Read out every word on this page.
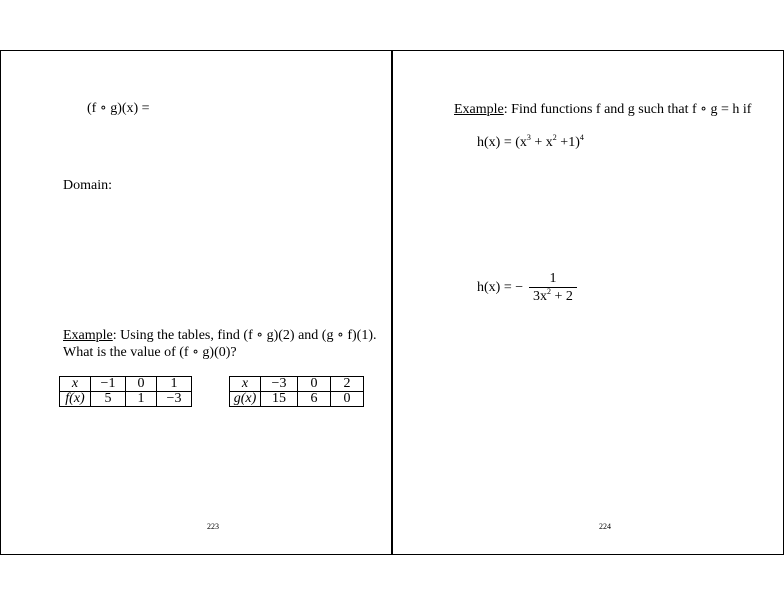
(f ∘ g)(x) =
Domain:
Example: Using the tables, find (f ∘ g)(2) and (g ∘ f)(1).
What is the value of (f ∘ g)(0)?
x	−1	0	1
f(x)	5	1	−3
x	−3	0	2
g(x)	15	6	0
223
Example: Find functions f and g such that f ∘ g = h if
$h(x) = (x^3 + x^2 +1)^4$
h(x) = − $\frac{1}{3x^2 + 2}$
224
